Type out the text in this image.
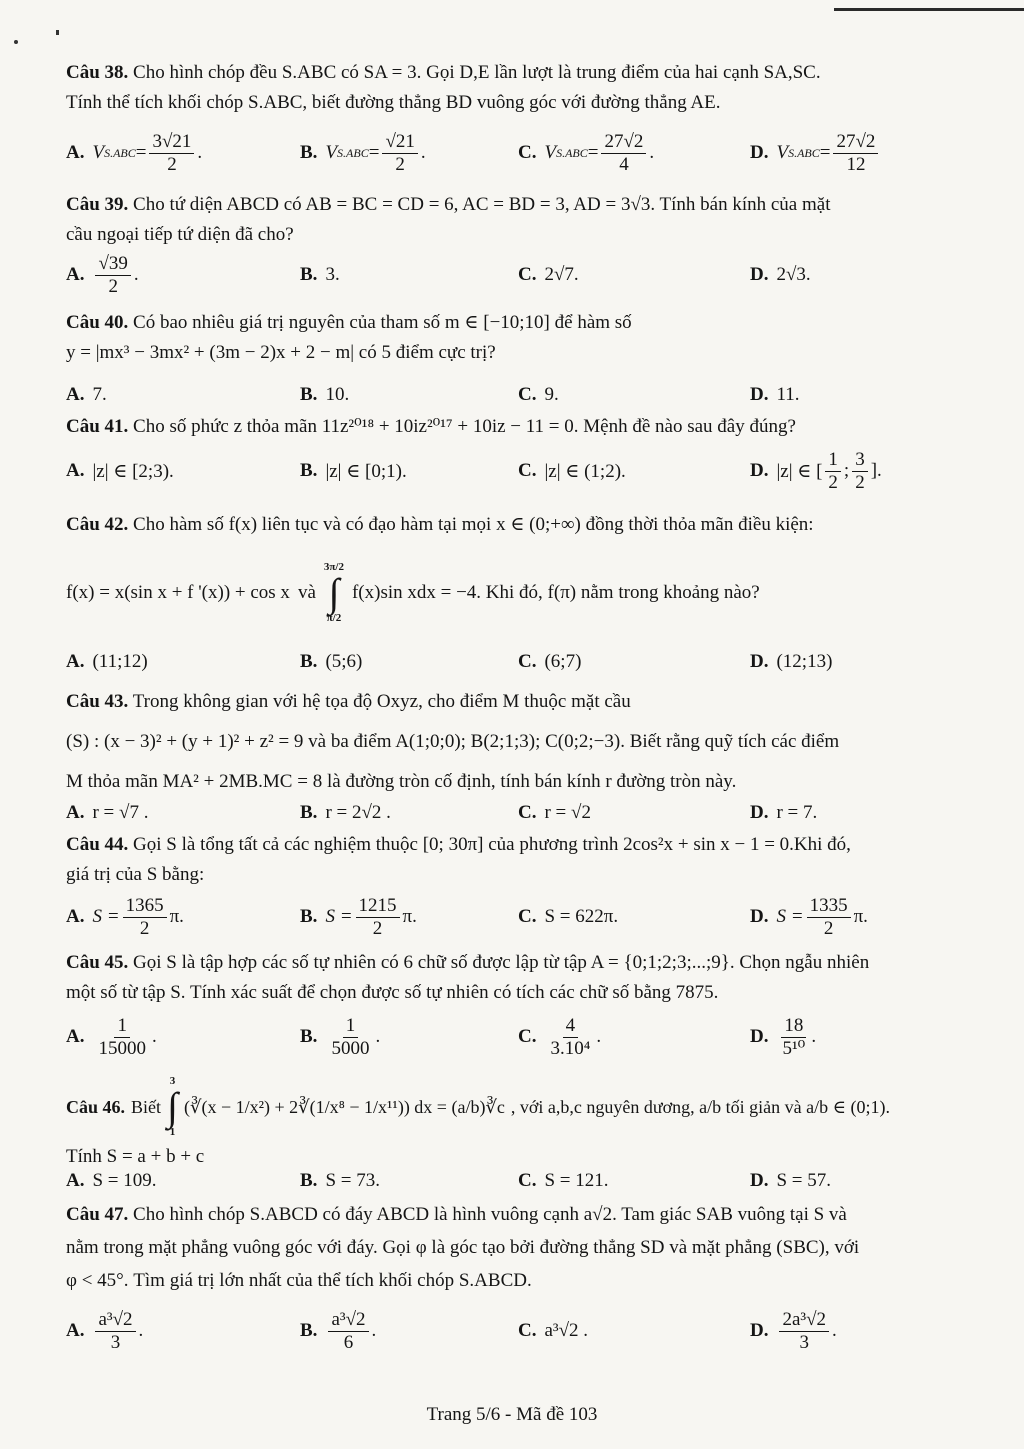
Câu 38. Cho hình chóp đều S.ABC có SA = 3. Gọi D,E lần lượt là trung điểm của hai cạnh SA,SC.
Tính thể tích khối chóp S.ABC, biết đường thẳng BD vuông góc với đường thẳng AE.
A. V $S.ABC = \frac{3√21}{2}$ .	B. V $S.ABC = \frac{√21}{2}$ .	C. V $S.ABC = \frac{27√2}{4}$ .	D. V $S.ABC = \frac{27√2}{12}$
Câu 39. Cho tứ diện ABCD có AB = BC = CD = 6, AC = BD = 3, AD = 3√3. Tính bán kính của mặt
cầu ngoại tiếp tứ diện đã cho?
A. $\frac{√39}{2}$ .	B. 3.	C. 2√7.	D. 2√3.
Câu 40. Có bao nhiêu giá trị nguyên của tham số m ∈ [−10;10] để hàm số
y = |mx³ − 3mx² + (3m − 2)x + 2 − m| có 5 điểm cực trị?
A. 7.	B. 10.	C. 9.	D. 11.
Câu 41. Cho số phức z thỏa mãn 11z²⁰¹⁸ + 10iz²⁰¹⁷ + 10iz − 11 = 0. Mệnh đề nào sau đây đúng?
A. |z| ∈ [2;3).	B. |z| ∈ [0;1).	C. |z| ∈ (1;2).	D. |z| ∈ [ $\frac{1}{2}$ ; $\frac{3}{2}$ ].
Câu 42. Cho hàm số f(x) liên tục và có đạo hàm tại mọi x ∈ (0;+∞) đồng thời thỏa mãn điều kiện:
f(x) = x(sin x + f '(x)) + cos x và
3π/2
∫
π/2
f(x)sin xdx = −4. Khi đó, f(π) nằm trong khoảng nào?
A. (11;12)	B. (5;6)	C. (6;7)	D. (12;13)
Câu 43. Trong không gian với hệ tọa độ Oxyz, cho điểm M thuộc mặt cầu
(S) : (x − 3)² + (y + 1)² + z² = 9 và ba điểm A(1;0;0); B(2;1;3); C(0;2;−3). Biết rằng quỹ tích các điểm
M thỏa mãn MA² + 2MB.MC = 8 là đường tròn cố định, tính bán kính r đường tròn này.
A. r = √7 .	B. r = 2√2 .	C. r = √2	D. r = 7.
Câu 44. Gọi S là tổng tất cả các nghiệm thuộc [0; 30π] của phương trình 2cos²x + sin x − 1 = 0.Khi đó,
giá trị của S bằng:
A. $S = \frac{1365}{2} \pi$.	B. $S = \frac{1215}{2} \pi$.	C. S = 622π.	D. $S = \frac{1335}{2} \pi$.
Câu 45. Gọi S là tập hợp các số tự nhiên có 6 chữ số được lập từ tập A = {0;1;2;3;...;9}. Chọn ngẫu nhiên
một số từ tập S. Tính xác suất để chọn được số tự nhiên có tích các chữ số bằng 7875.
A. $\frac{1}{15000}$ .	B. $\frac{1}{5000}$ .	C. $\frac{4}{\text{3.10⁴}}$ .	D. $\frac{18}{\text{5¹⁰}}$ .
Câu 46. Biết
3
∫
1
(∛(x − 1/x²) + 2∛(1/x⁸ − 1/x¹¹)) dx = (a/b)∛c , với a,b,c nguyên dương, a/b tối giản và a/b ∈ (0;1).
Tính S = a + b + c
A. S = 109.	B. S = 73.	C. S = 121.	D. S = 57.
Câu 47. Cho hình chóp S.ABCD có đáy ABCD là hình vuông cạnh a√2. Tam giác SAB vuông tại S và
nằm trong mặt phẳng vuông góc với đáy. Gọi φ là góc tạo bởi đường thẳng SD và mặt phẳng (SBC), với
φ < 45°. Tìm giá trị lớn nhất của thể tích khối chóp S.ABCD.
A. $\frac{\text{a³√2}}{3}$ .	B. $\frac{\text{a³√2}}{6}$ .	C. a³√2 .	D. $\frac{\text{2a³√2}}{3}$ .
Trang 5/6 - Mã đề 103
